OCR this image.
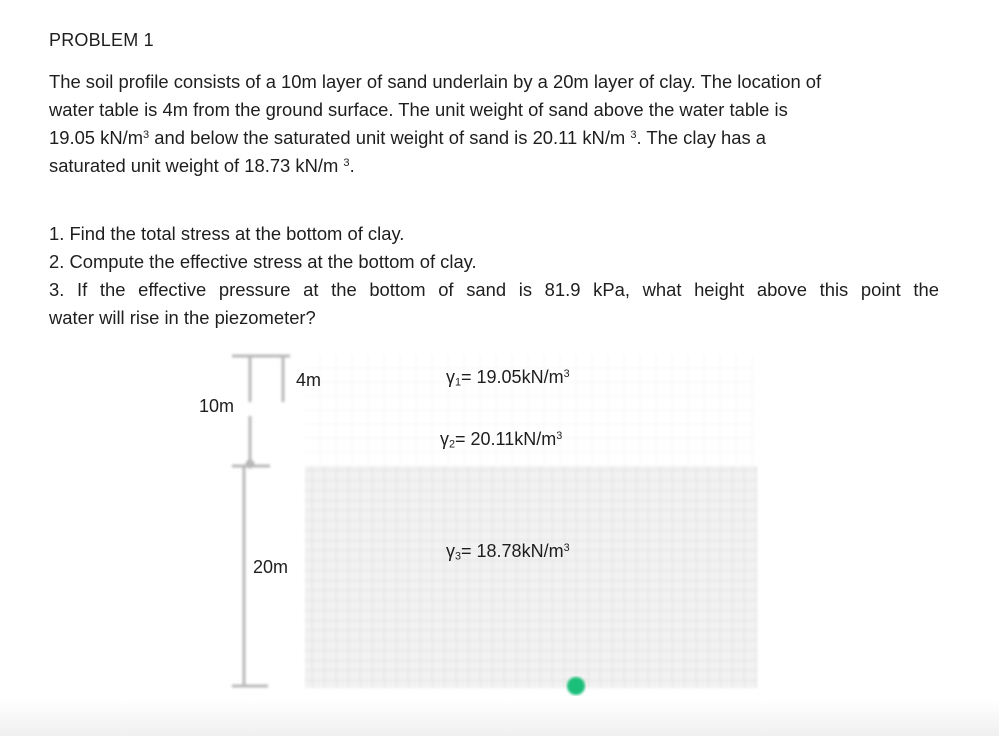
PROBLEM 1
The soil profile consists of a 10m layer of sand underlain by a 20m layer of clay. The location of
water table is 4m from the ground surface. The unit weight of sand above the water table is
19.05 $kN/m^3$ and below the saturated unit weight of sand is 20.11 kN/m $^3$. The clay has a
saturated unit weight of 18.73 kN/m $^3$.
1. Find the total stress at the bottom of clay.
2. Compute the effective stress at the bottom of clay.
3. If the effective pressure at the bottom of sand is 81.9 kPa, what height above this point the
water will rise in the piezometer?
10m
4m
20m
$\gamma_1= 19.05kN/m^3$
$\gamma_2= 20.11kN/m^3$
$\gamma_3= 18.78kN/m^3$
